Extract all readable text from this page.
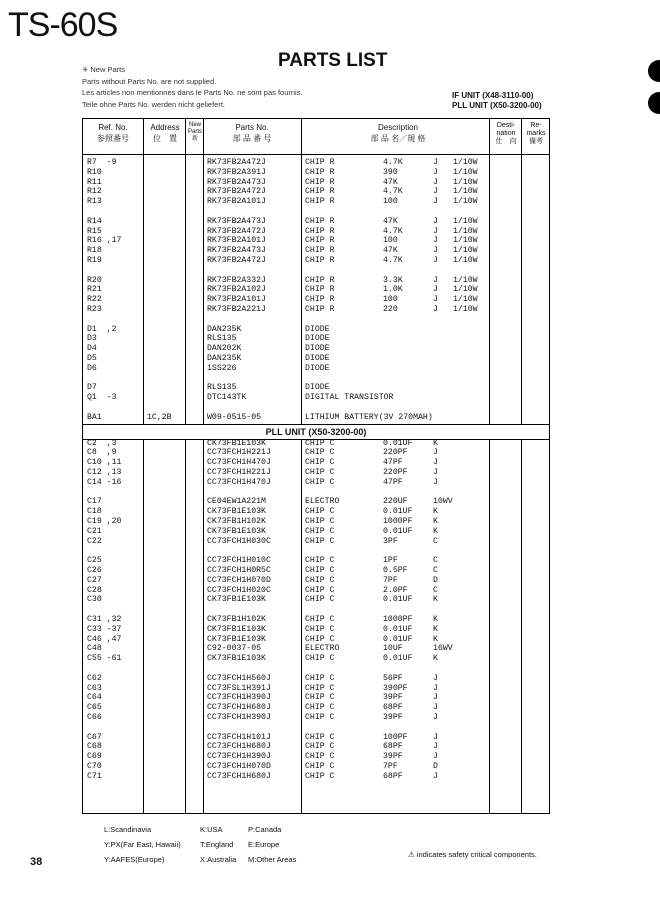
TS-60S
PARTS LIST
✳ New Parts
Parts without Parts No. are not supplied.
Les articles non mentionnes dans le Parts No. ne sont pas fournis.
Teile ohne Parts No. werden nicht geliefert.
IF UNIT (X48-3110-00)
PLL UNIT (X50-3200-00)
Ref. No.
参照番号
Address
位　置
New Parts
新
Parts No.
部 品 番 号
Description
部 品 名／規 格
Desti-nation
仕　向
Re-marks
備考
R7  -9	RK73FB2A472J	CHIP R	4.7K	J 1/10W
R10	RK73FB2A391J	CHIP R	390	J 1/10W
R11	RK73FB2A473J	CHIP R	47K	J 1/10W
R12	RK73FB2A472J	CHIP R	4.7K	J 1/10W
R13	RK73FB2A101J	CHIP R	100	J 1/10W
R14	RK73FB2A473J	CHIP R	47K	J 1/10W
R15	RK73FB2A472J	CHIP R	4.7K	J 1/10W
R16 ,17	RK73FB2A101J	CHIP R	100	J 1/10W
R18	RK73FB2A473J	CHIP R	47K	J 1/10W
R19	RK73FB2A472J	CHIP R	4.7K	J 1/10W
R20	RK73FB2A332J	CHIP R	3.3K	J 1/10W
R21	RK73FB2A102J	CHIP R	1.0K	J 1/10W
R22	RK73FB2A101J	CHIP R	100	J 1/10W
R23	RK73FB2A221J	CHIP R	220	J 1/10W
D1  ,2	DAN235K	DIODE
D3	RLS135	DIODE
D4	DAN202K	DIODE
D5	DAN235K	DIODE
D6	1SS226	DIODE
D7	RLS135	DIODE
Q1  -3	DTC143TK	DIGITAL TRANSISTOR
BA1	1C,2B	W09-0515-05	LITHIUM BATTERY(3V 270MAH)
PLL UNIT (X50-3200-00)
C2  ,3	CK73FB1E103K	CHIP C	0.01UF	K
C8  ,9	CC73FCH1H221J	CHIP C	220PF	J
C10 ,11	CC73FCH1H470J	CHIP C	47PF	J
C12 ,13	CC73FCH1H221J	CHIP C	220PF	J
C14 -16	CC73FCH1H470J	CHIP C	47PF	J
C17	CE04EW1A221M	ELECTRO	220UF	10WV
C18	CK73FB1E103K	CHIP C	0.01UF	K
C19 ,20	CK73FB1H102K	CHIP C	1000PF	K
C21	CK73FB1E103K	CHIP C	0.01UF	K
C22	CC73FCH1H030C	CHIP C	3PF	C
C25	CC73FCH1H010C	CHIP C	1PF	C
C26	CC73FCH1H0R5C	CHIP C	0.5PF	C
C27	CC73FCH1H070D	CHIP C	7PF	D
C28	CC73FCH1H020C	CHIP C	2.0PF	C
C30	CK73FB1E103K	CHIP C	0.01UF	K
C31 ,32	CK73FB1H102K	CHIP C	1000PF	K
C33 -37	CK73FB1E103K	CHIP C	0.01UF	K
C46 ,47	CK73FB1E103K	CHIP C	0.01UF	K
C48	C92-0037-05	ELECTRO	10UF	16WV
C55 -61	CK73FB1E103K	CHIP C	0.01UF	K
C62	CC73FCH1H560J	CHIP C	56PF	J
C63	CC73FSL1H391J	CHIP C	390PF	J
C64	CC73FCH1H390J	CHIP C	39PF	J
C65	CC73FCH1H680J	CHIP C	68PF	J
C66	CC73FCH1H390J	CHIP C	39PF	J
C67	CC73FCH1H101J	CHIP C	100PF	J
C68	CC73FCH1H680J	CHIP C	68PF	J
C69	CC73FCH1H390J	CHIP C	39PF	J
C70	CC73FCH1H070D	CHIP C	7PF	D
C71	CC73FCH1H680J	CHIP C	68PF	J
L:Scandinavia	K:USA	P:Canada
Y:PX(Far East, Hawaii)	T:England E:Europe
Y:AAFES(Europe)	X:Australia M:Other Areas
38
⚠ indicates safety critical components.
